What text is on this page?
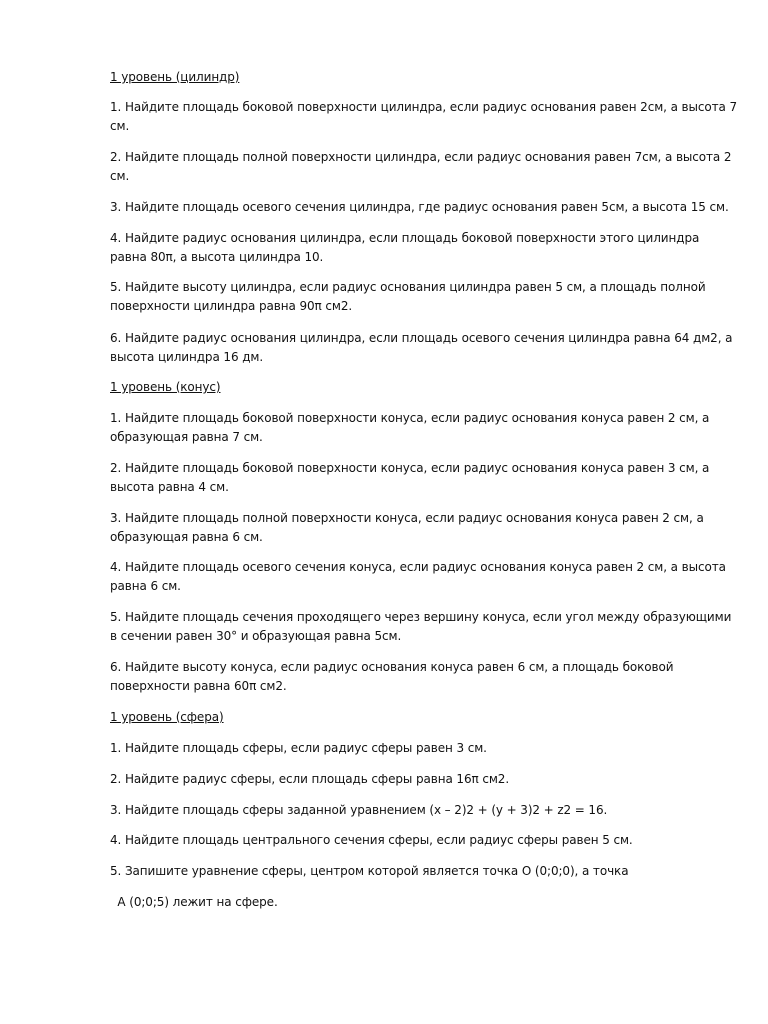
1 уровень (цилиндр)
1. Найдите площадь боковой поверхности цилиндра, если радиус основания равен 2см, а высота 7
см.
2. Найдите площадь полной поверхности цилиндра, если радиус основания равен 7см, а высота 2
см.
3. Найдите площадь осевого сечения цилиндра, где радиус основания равен 5см, а высота 15 см.
4. Найдите радиус основания цилиндра, если площадь боковой поверхности этого цилиндра
равна 80π, а высота цилиндра 10.
5. Найдите высоту цилиндра, если радиус основания цилиндра равен 5 см, а площадь полной
поверхности цилиндра равна 90π см2.
6. Найдите радиус основания цилиндра, если площадь осевого сечения цилиндра равна 64 дм2, а
высота цилиндра 16 дм.
1 уровень (конус)
1. Найдите площадь боковой поверхности конуса, если радиус основания конуса равен 2 см, а
образующая равна 7 см.
2. Найдите площадь боковой поверхности конуса, если радиус основания конуса равен 3 см, а
высота равна 4 см.
3. Найдите площадь полной поверхности конуса, если радиус основания конуса равен 2 см, а
образующая равна 6 см.
4. Найдите площадь осевого сечения конуса, если радиус основания конуса равен 2 см, а высота
равна 6 см.
5. Найдите площадь сечения проходящего через вершину конуса, если угол между образующими
в сечении равен 30° и образующая равна 5см.
6. Найдите высоту конуса, если радиус основания конуса равен 6 см, а площадь боковой
поверхности равна 60π см2.
1 уровень (сфера)
1. Найдите площадь сферы, если радиус сферы равен 3 см.
2. Найдите радиус сферы, если площадь сферы равна 16π см2.
3. Найдите площадь сферы заданной уравнением (x – 2)2 + (y + 3)2 + z2 = 16.
4. Найдите площадь центрального сечения сферы, если радиус сферы равен 5 см.
5. Запишите уравнение сферы, центром которой является точка O (0;0;0), а точка
A (0;0;5) лежит на сфере.
